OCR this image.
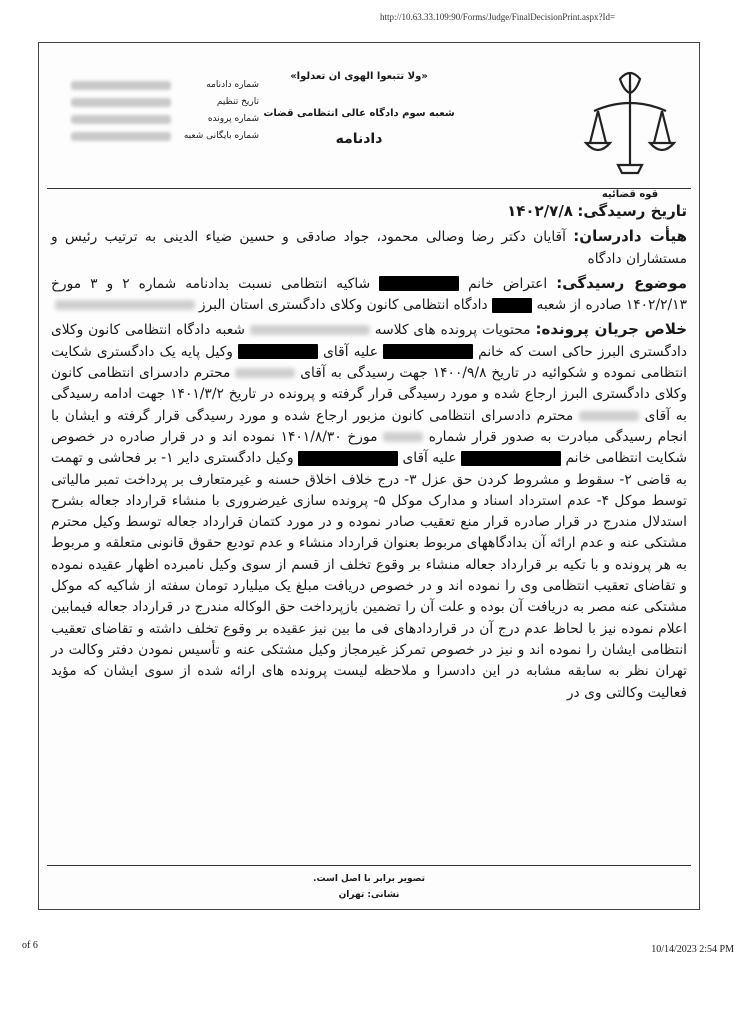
http://10.63.33.109:90/Forms/Judge/FinalDecisionPrint.aspx?Id=
قوه قضائیه
«ولا تتبعوا الهوی ان تعدلوا»
شعبه سوم دادگاه عالی انتظامی قضات
دادنامه
شماره دادنامه
تاریخ تنظیم
شماره پرونده
شماره بایگانی شعبه

تاریخ رسیدگی: ۱۴۰۲/۷/۸

هیأت دادرسان: آقایان دکتر رضا وصالی محمود، جواد صادقی و حسین ضیاء الدینی به ترتیب رئیس و مستشاران دادگاه

موضوع رسیدگی: اعتراض خانم  شاکیه انتظامی نسبت بدادنامه شماره ۲ و ۳ مورخ ۱۴۰۲/۲/۱۳ صادره از شعبه  دادگاه انتظامی کانون وکلای دادگستری استان البرز

خلاص جریان پرونده: محتویات پرونده های کلاسه  شعبه دادگاه انتظامی کانون وکلای دادگستری البرز حاکی است که خانم  علیه آقای  وکیل پایه یک دادگستری شکایت انتظامی نموده و شکوائیه در تاریخ ۱۴۰۰/۹/۸ جهت رسیدگی به آقای  محترم دادسرای انتظامی کانون وکلای دادگستری البرز ارجاع شده و مورد رسیدگی قرار گرفته و پرونده در تاریخ ۱۴۰۱/۳/۲ جهت ادامه رسیدگی به آقای  محترم دادسرای انتظامی کانون مزبور ارجاع شده و مورد رسیدگی قرار گرفته و ایشان با انجام رسیدگی مبادرت به صدور قرار شماره  مورخ ۱۴۰۱/۸/۳۰ نموده اند و در قرار صادره در خصوص شکایت انتظامی خانم  علیه آقای  وکیل دادگستری دایر ۱- بر فحاشی و تهمت به قاضی ۲- سقوط و مشروط کردن حق عزل ۳- درج خلاف اخلاق حسنه و غیرمتعارف بر پرداخت تمبر مالیاتی توسط موکل ۴- عدم استرداد اسناد و مدارک موکل ۵- پرونده سازی غیرضروری با منشاء قرارداد جعاله بشرح استدلال مندرج در قرار صادره قرار منع تعقیب صادر نموده و در مورد کتمان قرارداد جعاله توسط وکیل محترم مشتکی عنه و عدم ارائه آن بدادگاههای مربوط بعنوان قرارداد منشاء و عدم تودیع حقوق قانونی متعلقه و مربوط به هر پرونده و با تکیه بر قرارداد جعاله منشاء بر وقوع تخلف از قسم از سوی وکیل نامبرده اظهار عقیده نموده و تقاضای تعقیب انتظامی وی را نموده اند و در خصوص دریافت مبلغ یک میلیارد تومان سفته از شاکیه که موکل مشتکی عنه مصر به دریافت آن بوده و علت آن را تضمین بازپرداخت حق الوکاله مندرج در قرارداد جعاله فیمابین اعلام نموده نیز با لحاظ عدم درج آن در قراردادهای فی ما بین نیز عقیده بر وقوع تخلف داشته و تقاضای تعقیب انتظامی ایشان را نموده اند و نیز در خصوص تمرکز غیرمجاز وکیل مشتکی عنه و تأسیس نمودن دفتر وکالت در تهران نظر به سابقه مشابه در این دادسرا و ملاحظه لیست پرونده های ارائه شده از سوی ایشان که مؤید فعالیت وکالتی وی در

تصویر برابر با اصل است.
نشانی: تهران
of 6	10/14/2023 2:54 PM
